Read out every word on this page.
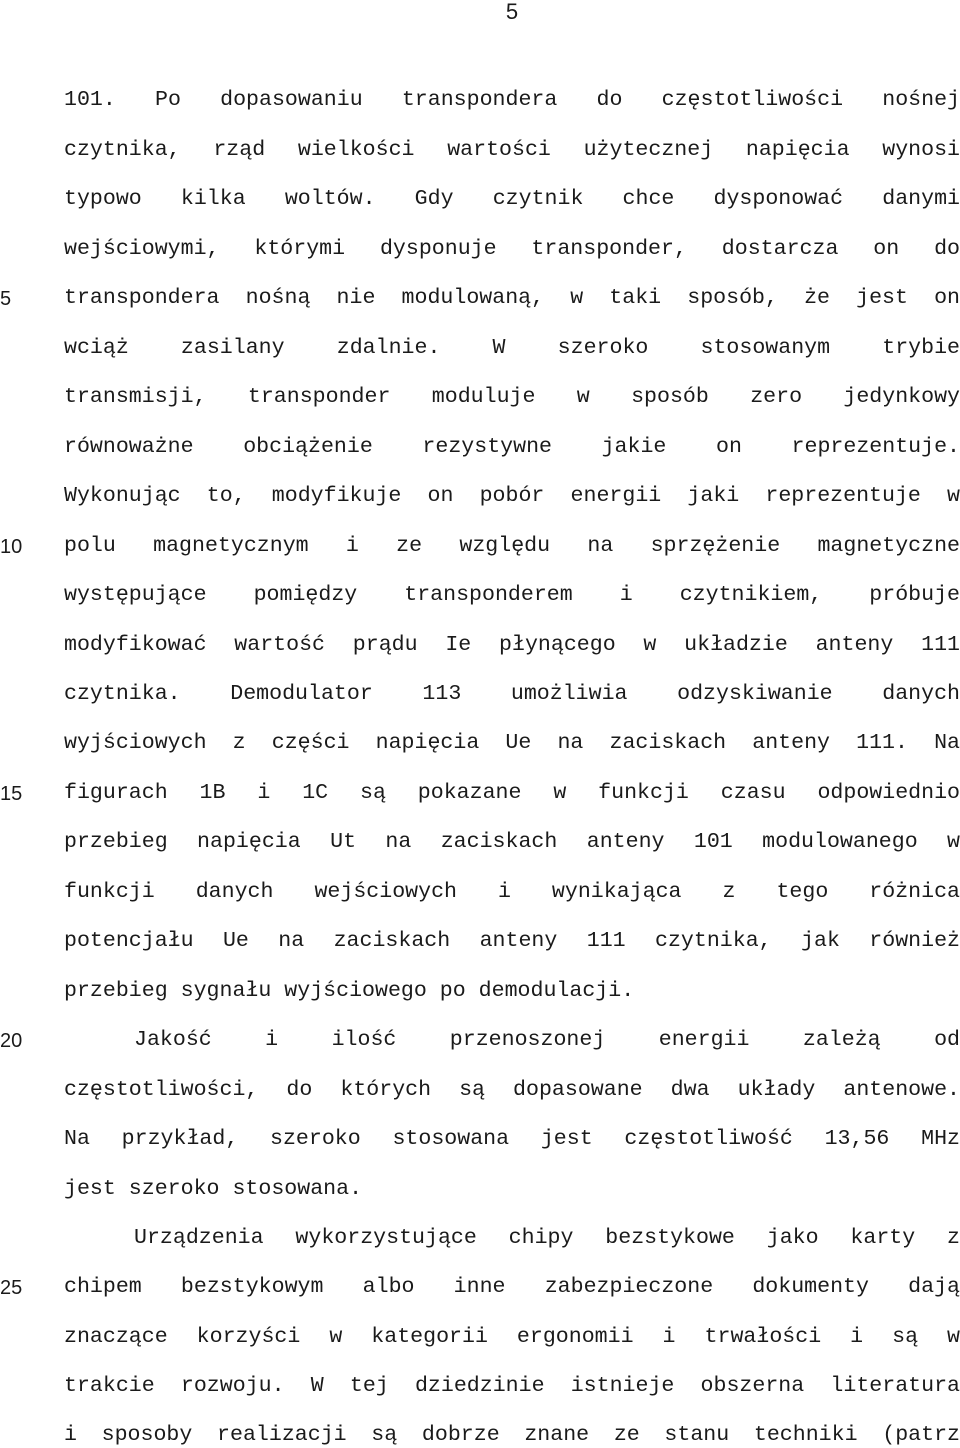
5
5
10
15
20
25
101. Po dopasowaniu transpondera do częstotliwości nośnej
czytnika, rząd wielkości wartości użytecznej napięcia wynosi
typowo kilka woltów. Gdy czytnik chce dysponować danymi
wejściowymi, którymi dysponuje transponder, dostarcza on do
transpondera nośną nie modulowaną, w taki sposób, że jest on
wciąż zasilany zdalnie. W szeroko stosowanym trybie
transmisji, transponder moduluje w sposób zero jedynkowy
równoważne obciążenie rezystywne jakie on reprezentuje.
Wykonując to, modyfikuje on pobór energii jaki reprezentuje w
polu magnetycznym i ze względu na sprzężenie magnetyczne
występujące pomiędzy transponderem i czytnikiem, próbuje
modyfikować wartość prądu Ie płynącego w układzie anteny 111
czytnika. Demodulator 113 umożliwia odzyskiwanie danych
wyjściowych z części napięcia Ue na zaciskach anteny 111. Na
figurach 1B i 1C są pokazane w funkcji czasu odpowiednio
przebieg napięcia Ut na zaciskach anteny 101 modulowanego w
funkcji danych wejściowych i wynikająca z tego różnica
potencjału Ue na zaciskach anteny 111 czytnika, jak również
przebieg sygnału wyjściowego po demodulacji.
Jakość i ilość przenoszonej energii zależą od
częstotliwości, do których są dopasowane dwa układy antenowe.
Na przykład, szeroko stosowana jest częstotliwość 13,56 MHz
jest szeroko stosowana.
Urządzenia wykorzystujące chipy bezstykowe jako karty z
chipem bezstykowym albo inne zabezpieczone dokumenty dają
znaczące korzyści w kategorii ergonomii i trwałości i są w
trakcie rozwoju. W tej dziedzinie istnieje obszerna literatura
i sposoby realizacji są dobrze znane ze stanu techniki (patrz
